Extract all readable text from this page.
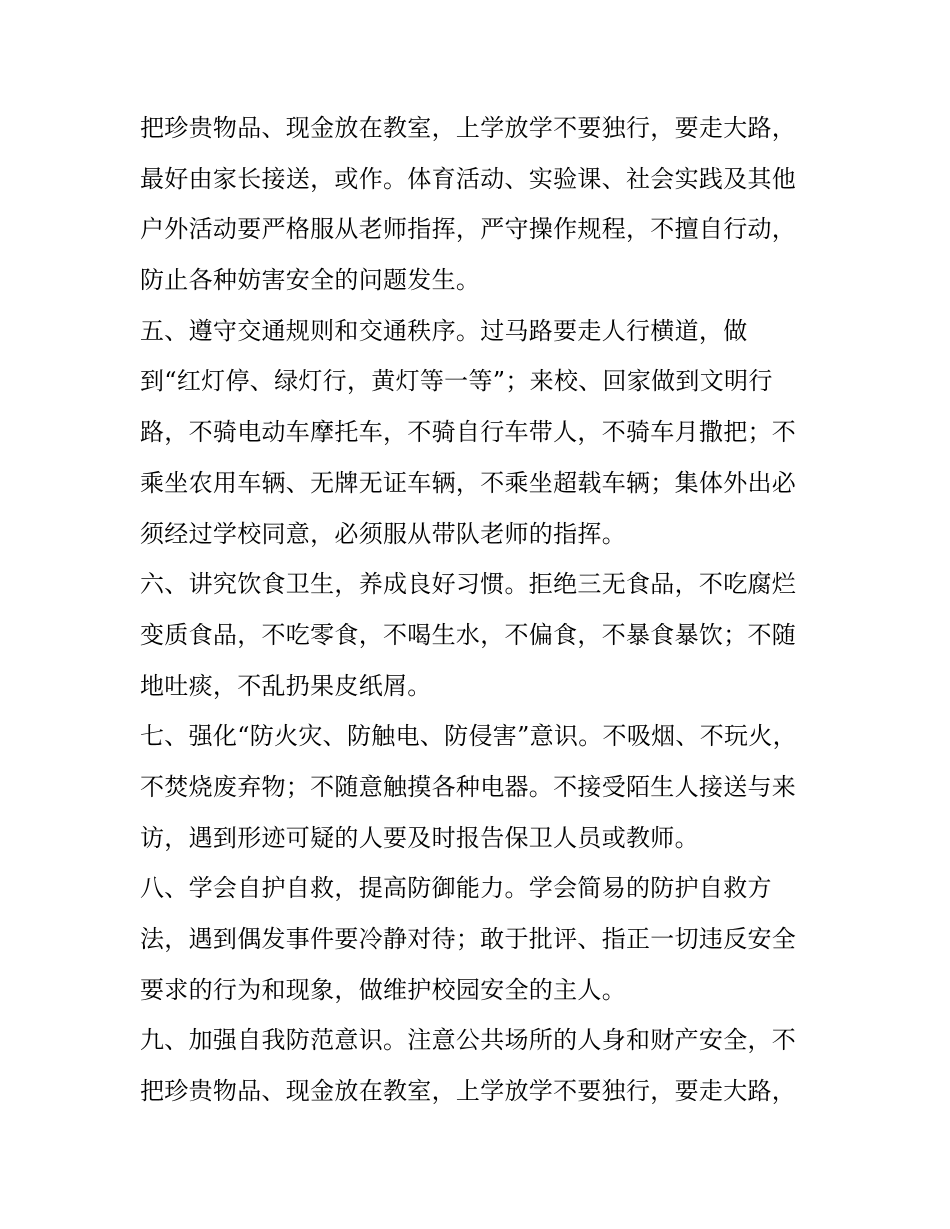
把珍贵物品、现金放在教室，上学放学不要独行，要走大路，
最好由家长接送，或作。体育活动、实验课、社会实践及其他
户外活动要严格服从老师指挥，严守操作规程，不擅自行动，
防止各种妨害安全的问题发生。
五、遵守交通规则和交通秩序。过马路要走人行横道，做
到“红灯停、绿灯行，黄灯等一等”；来校、回家做到文明行
路，不骑电动车摩托车，不骑自行车带人，不骑车月撒把；不
乘坐农用车辆、无牌无证车辆，不乘坐超载车辆；集体外出必
须经过学校同意，必须服从带队老师的指挥。
六、讲究饮食卫生，养成良好习惯。拒绝三无食品，不吃腐烂
变质食品，不吃零食，不喝生水，不偏食，不暴食暴饮；不随
地吐痰，不乱扔果皮纸屑。
七、强化“防火灾、防触电、防侵害”意识。不吸烟、不玩火，
不焚烧废弃物；不随意触摸各种电器。不接受陌生人接送与来
访，遇到形迹可疑的人要及时报告保卫人员或教师。
八、学会自护自救，提高防御能力。学会简易的防护自救方
法，遇到偶发事件要冷静对待；敢于批评、指正一切违反安全
要求的行为和现象，做维护校园安全的主人。
九、加强自我防范意识。注意公共场所的人身和财产安全，不
把珍贵物品、现金放在教室，上学放学不要独行，要走大路，
